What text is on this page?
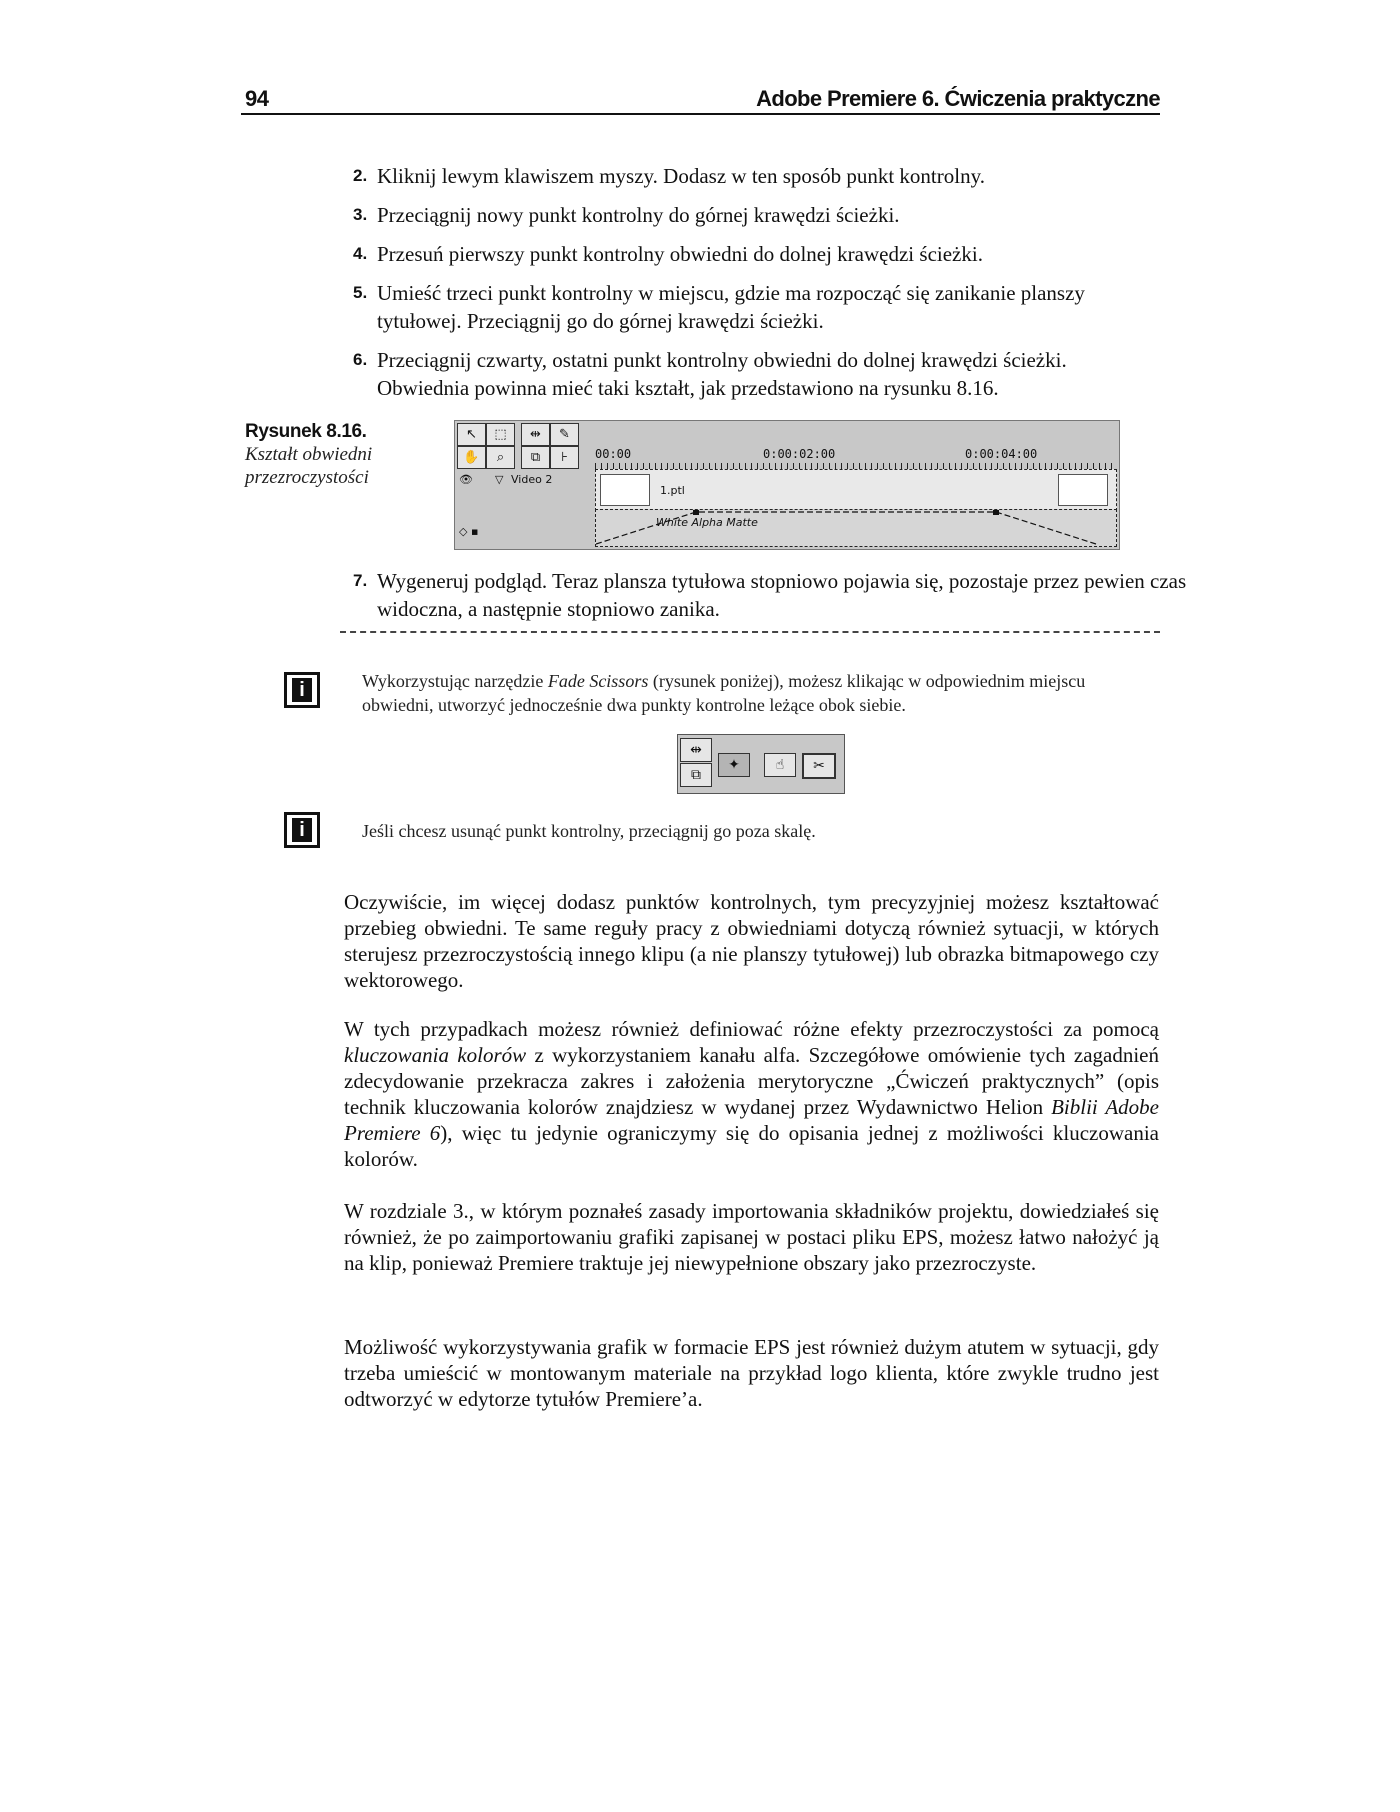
94	Adobe Premiere 6. Ćwiczenia praktyczne
2. Kliknij lewym klawiszem myszy. Dodasz w ten sposób punkt kontrolny.
3. Przeciągnij nowy punkt kontrolny do górnej krawędzi ścieżki.
4. Przesuń pierwszy punkt kontrolny obwiedni do dolnej krawędzi ścieżki.
5. Umieść trzeci punkt kontrolny w miejscu, gdzie ma rozpocząć się zanikanie planszy tytułowej. Przeciągnij go do górnej krawędzi ścieżki.
6. Przeciągnij czwarty, ostatni punkt kontrolny obwiedni do dolnej krawędzi ścieżki. Obwiednia powinna mieć taki kształt, jak przedstawiono na rysunku 8.16.
Rysunek 8.16.
Kształt obwiedni przezroczystości
↖	⬚	⇹	✎
✋	⌕	⧉	⊦	00:00	0:00:02:00	0:00:04:00
👁 ▽ Video 2
◇ ▪
1.ptl
White Alpha Matte
7. Wygeneruj podgląd. Teraz plansza tytułowa stopniowo pojawia się, pozostaje przez pewien czas widoczna, a następnie stopniowo zanika.
i	Wykorzystując narzędzie Fade Scissors (rysunek poniżej), możesz klikając w odpowiednim miejscu obwiedni, utworzyć jednocześnie dwa punkty kontrolne leżące obok siebie.
⇹
⧉
✦	☝	✂
i	Jeśli chcesz usunąć punkt kontrolny, przeciągnij go poza skalę.

Oczywiście, im więcej dodasz punktów kontrolnych, tym precyzyjniej możesz kształtować przebieg obwiedni. Te same reguły pracy z obwiedniami dotyczą również sytuacji, w których sterujesz przezroczystością innego klipu (a nie planszy tytułowej) lub obrazka bitmapowego czy wektorowego.

W tych przypadkach możesz również definiować różne efekty przezroczystości za pomocą kluczowania kolorów z wykorzystaniem kanału alfa. Szczegółowe omówienie tych zagadnień zdecydowanie przekracza zakres i założenia merytoryczne „Ćwiczeń praktycznych” (opis technik kluczowania kolorów znajdziesz w wydanej przez Wydawnictwo Helion Biblii Adobe Premiere 6), więc tu jedynie ograniczymy się do opisania jednej z możliwości kluczowania kolorów.

W rozdziale 3., w którym poznałeś zasady importowania składników projektu, dowiedziałeś się również, że po zaimportowaniu grafiki zapisanej w postaci pliku EPS, możesz łatwo nałożyć ją na klip, ponieważ Premiere traktuje jej niewypełnione obszary jako przezroczyste.

Możliwość wykorzystywania grafik w formacie EPS jest również dużym atutem w sytuacji, gdy trzeba umieścić w montowanym materiale na przykład logo klienta, które zwykle trudno jest odtworzyć w edytorze tytułów Premiere’a.
